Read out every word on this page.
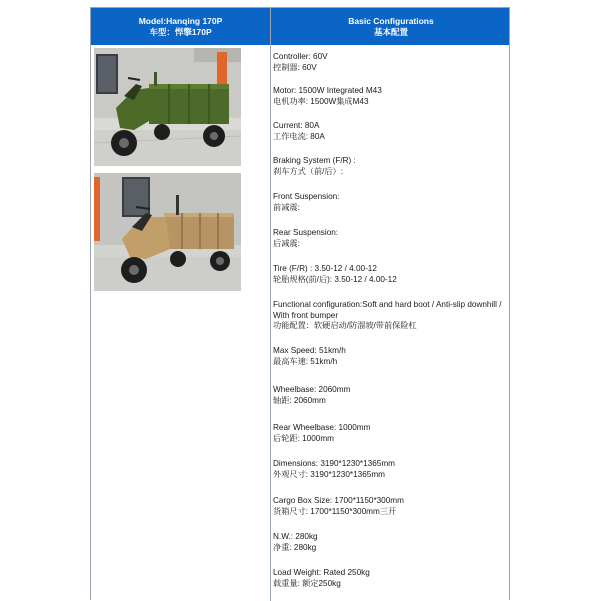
Model:Hanqing 170P
车型：悍擎170P
Basic Configurations
基本配置
Controller: 60V
控制器: 60V
Motor: 1500W Integrated M43
电机功率: 1500W集成M43
Current: 80A
工作电流: 80A
Braking System (F/R) :
刹车方式（前/后）:
Front Suspension:
前减震:
Rear Suspension:
后减震:
Tire (F/R) : 3.50-12 / 4.00-12
轮胎规格(前/后): 3.50-12 / 4.00-12
Functional configuration:Soft and hard boot / Anti-slip downhill / With front bumper
功能配置：软硬启动/防溜坡/带前保险杠
Max Speed: 51km/h
最高车速: 51km/h
Wheelbase: 2060mm
轴距: 2060mm
Rear Wheelbase: 1000mm
后轮距: 1000mm
Dimensions: 3190*1230*1365mm
外观尺寸: 3190*1230*1365mm
Cargo Box Size: 1700*1150*300mm
货箱尺寸: 1700*1150*300mm三开
N.W.: 280kg
净重: 280kg
Load Weight: Rated 250kg
载重量: 额定250kg
